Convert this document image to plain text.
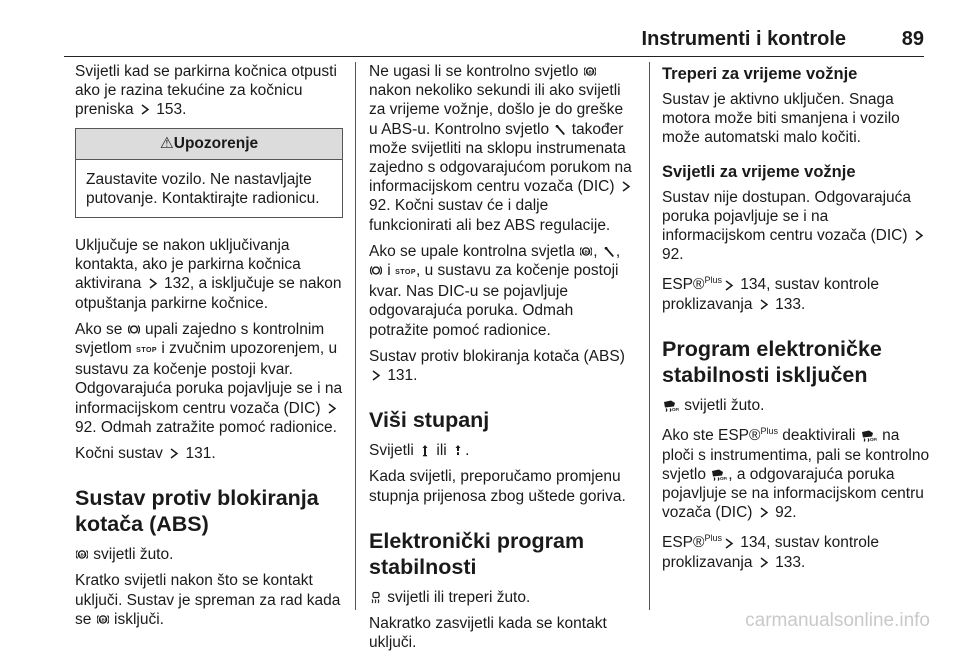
Instrumenti i kontrole	89

Svijetli kad se parkirna kočnica otpusti ako je razina tekućine za kočnicu preniska
153.

⚠Upozorenje
Zaustavite vozilo. Ne nastavljajte putovanje. Kontaktirajte radionicu.

Uključuje se nakon uključivanja kontakta, ako je parkirna kočnica aktivirana
132, a isključuje se nakon otpuštanja parkirne kočnice.

Ako se
upali zajedno s kontrolnim svjetlom STOP i zvučnim upozorenjem, u sustavu za kočenje postoji kvar. Odgovarajuća poruka pojavljuje se i na informacijskom centru vozača (DIC)
92. Odmah zatražite pomoć radionice.

Kočni sustav
131.

Sustav protiv blokiranja kotača (ABS)

svijetli žuto.

Kratko svijetli nakon što se kontakt uključi. Sustav je spreman za rad kada se
isključi.

Ne ugasi li se kontrolno svjetlo
nakon nekoliko sekundi ili ako svijetli za vrijeme vožnje, došlo je do greške u ABS-u. Kontrolno svjetlo
također može svijetliti na sklopu instrumenata zajedno s odgovarajućom porukom na informacijskom centru vozača (DIC)
92. Kočni sustav će i dalje funkcionirati ali bez ABS regulacije.

Ako se upale kontrolna svjetla
,
,
i STOP, u sustavu za kočenje postoji kvar. Nas DIC-u se pojavljuje odgovarajuća poruka. Odmah potražite pomoć radionice.

Sustav protiv blokiranja kotača (ABS)
131.

Viši stupanj

Svijetli
ili
.

Kada svijetli, preporučamo promjenu stupnja prijenosa zbog uštede goriva.

Elektronički program stabilnosti

svijetli ili treperi žuto.

Nakratko zasvijetli kada se kontakt uključi.

Treperi za vrijeme vožnje

Sustav je aktivno uključen. Snaga motora može biti smanjena i vozilo može automatski malo kočiti.

Svijetli za vrijeme vožnje

Sustav nije dostupan. Odgovarajuća poruka pojavljuje se i na informacijskom centru vozača (DIC)
92.

ESP®$^{Plus}$
134, sustav kontrole proklizavanja
133.

Program elektroničke stabilnosti isključen

svijetli žuto.

Ako ste ESP®$^{Plus}$ deaktivirali
na ploči s instrumentima, pali se kontrolno svjetlo
, a odgovarajuća poruka pojavljuje se na informacijskom centru vozača (DIC)
92.

ESP®$^{Plus}$
134, sustav kontrole proklizavanja
133.

carmanualsonline.info
